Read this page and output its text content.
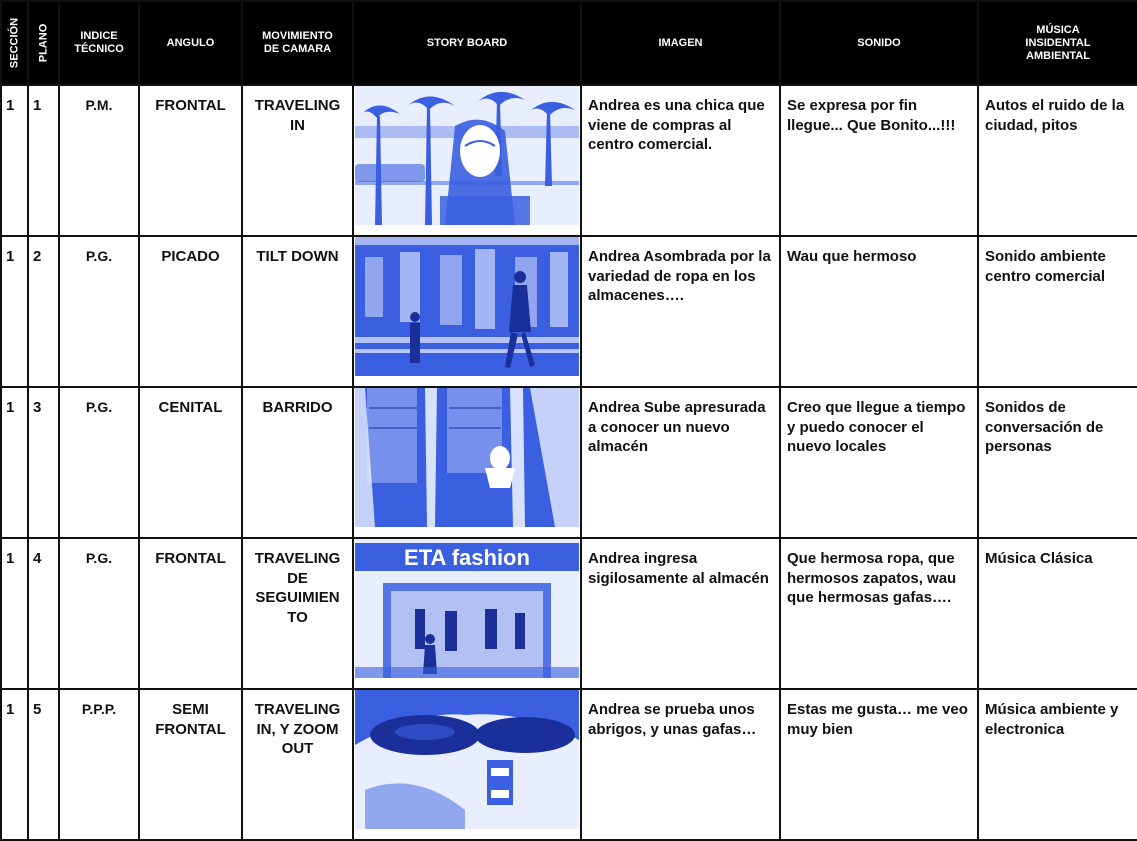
SECCIÓN	PLANO	INDICE TÉCNICO	ANGULO	MOVIMIENTO DE CAMARA	STORY BOARD	IMAGEN	SONIDO	MÚSICA INSIDENTAL AMBIENTAL
1	1	P.M.	FRONTAL	TRAVELING IN		Andrea es una chica que viene de compras al centro comercial.	Se expresa por fin llegue... Que Bonito...!!!	Autos el ruido de la ciudad, pitos
1	2	P.G.	PICADO	TILT DOWN		Andrea Asombrada por la variedad de ropa en los almacenes….	Wau que hermoso	Sonido ambiente centro comercial
1	3	P.G.	CENITAL	BARRIDO		Andrea Sube apresurada a conocer un nuevo almacén	Creo que llegue a tiempo y puedo conocer el nuevo locales	Sonidos de conversación de personas
1	4	P.G.	FRONTAL	TRAVELING DE SEGUIMIEN TO	ETA fashion	Andrea ingresa sigilosamente al almacén	Que hermosa ropa, que hermosos zapatos, wau que hermosas gafas….	Música Clásica
1	5	P.P.P.	SEMI FRONTAL	TRAVELING IN, Y ZOOM OUT		Andrea se prueba unos abrigos, y unas gafas…	Estas me gusta… me veo muy bien	Música ambiente y electronica
